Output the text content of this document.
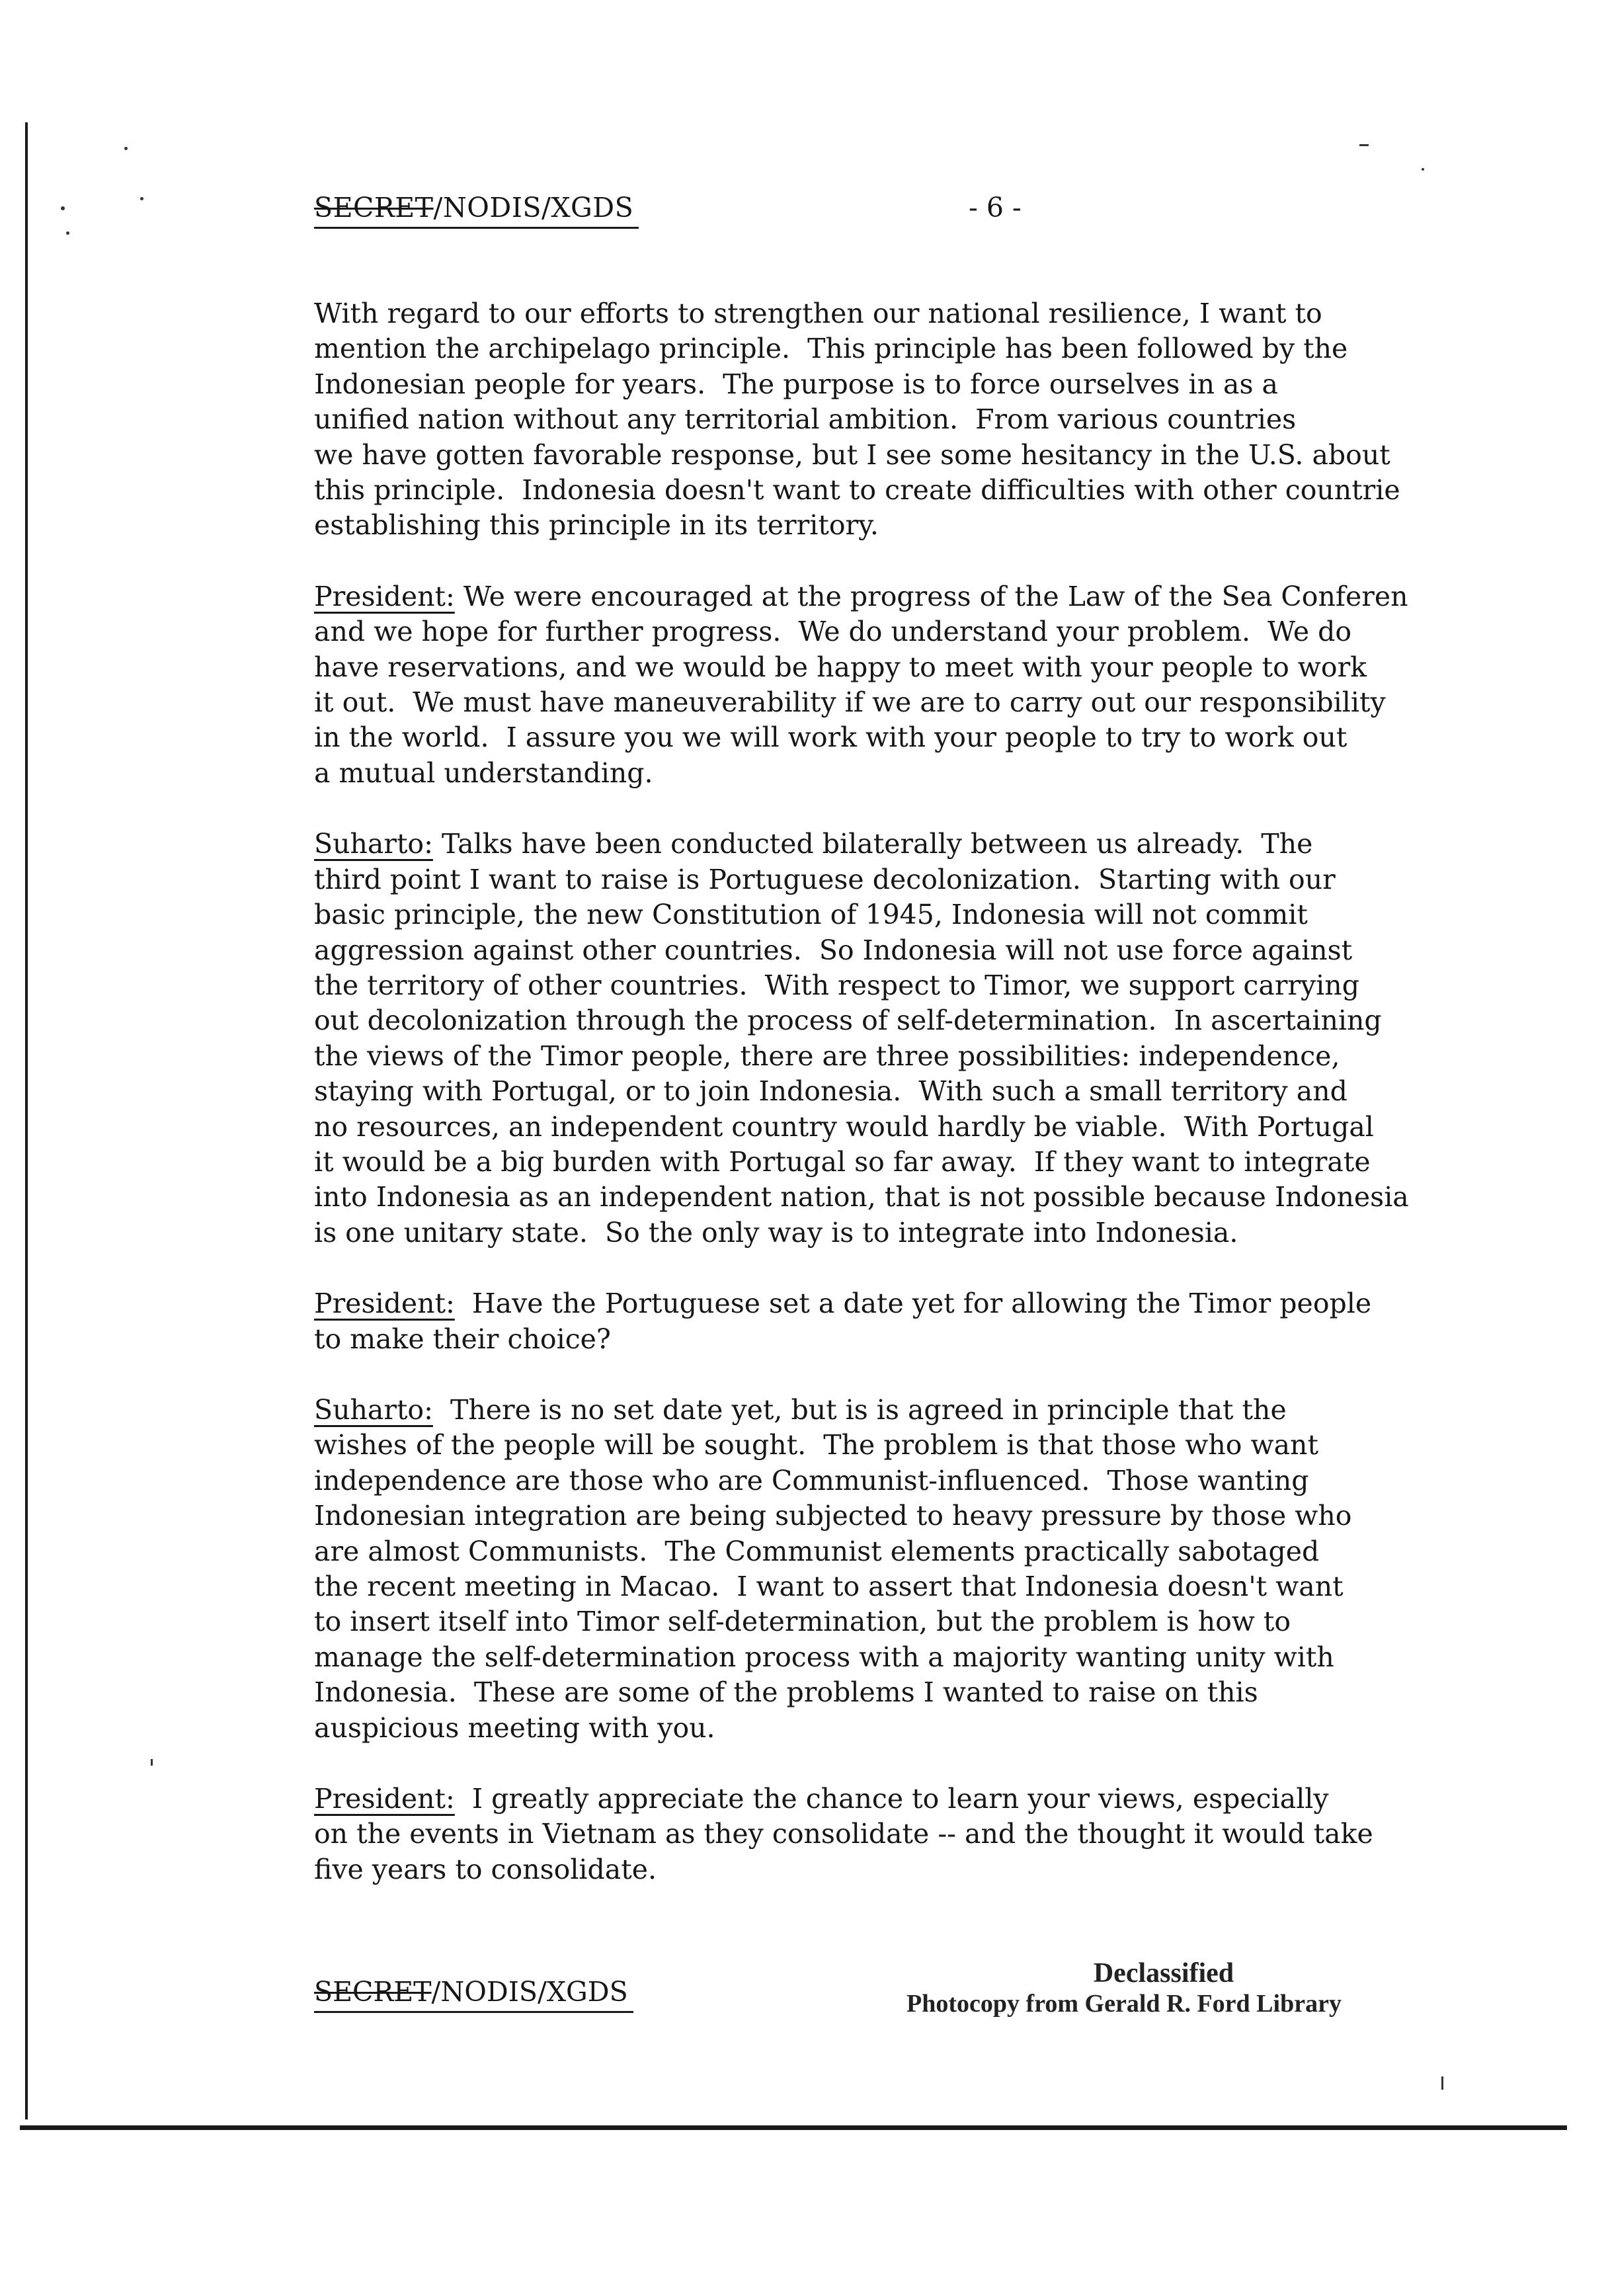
SECRET/NODIS/XGDS	- 6 -

With regard to our efforts to strengthen our national resilience, I want to
mention the archipelago principle.  This principle has been followed by the
Indonesian people for years.  The purpose is to force ourselves in as a
unified nation without any territorial ambition.  From various countries
we have gotten favorable response, but I see some hesitancy in the U.S. about
this principle.  Indonesia doesn't want to create difficulties with other countrie
establishing this principle in its territory.

President: We were encouraged at the progress of the Law of the Sea Conferen
and we hope for further progress.  We do understand your problem.  We do
have reservations, and we would be happy to meet with your people to work
it out.  We must have maneuverability if we are to carry out our responsibility
in the world.  I assure you we will work with your people to try to work out
a mutual understanding.

Suharto: Talks have been conducted bilaterally between us already.  The
third point I want to raise is Portuguese decolonization.  Starting with our
basic principle, the new Constitution of 1945, Indonesia will not commit
aggression against other countries.  So Indonesia will not use force against
the territory of other countries.  With respect to Timor, we support carrying
out decolonization through the process of self-determination.  In ascertaining
the views of the Timor people, there are three possibilities: independence,
staying with Portugal, or to join Indonesia.  With such a small territory and
no resources, an independent country would hardly be viable.  With Portugal
it would be a big burden with Portugal so far away.  If they want to integrate
into Indonesia as an independent nation, that is not possible because Indonesia
is one unitary state.  So the only way is to integrate into Indonesia.

President:  Have the Portuguese set a date yet for allowing the Timor people
to make their choice?

Suharto:  There is no set date yet, but is is agreed in principle that the
wishes of the people will be sought.  The problem is that those who want
independence are those who are Communist-influenced.  Those wanting
Indonesian integration are being subjected to heavy pressure by those who
are almost Communists.  The Communist elements practically sabotaged
the recent meeting in Macao.  I want to assert that Indonesia doesn't want
to insert itself into Timor self-determination, but the problem is how to
manage the self-determination process with a majority wanting unity with
Indonesia.  These are some of the problems I wanted to raise on this
auspicious meeting with you.

President:  I greatly appreciate the chance to learn your views, especially
on the events in Vietnam as they consolidate -- and the thought it would take
five years to consolidate.

SECRET/NODIS/XGDS
Declassified
Photocopy from Gerald R. Ford Library
